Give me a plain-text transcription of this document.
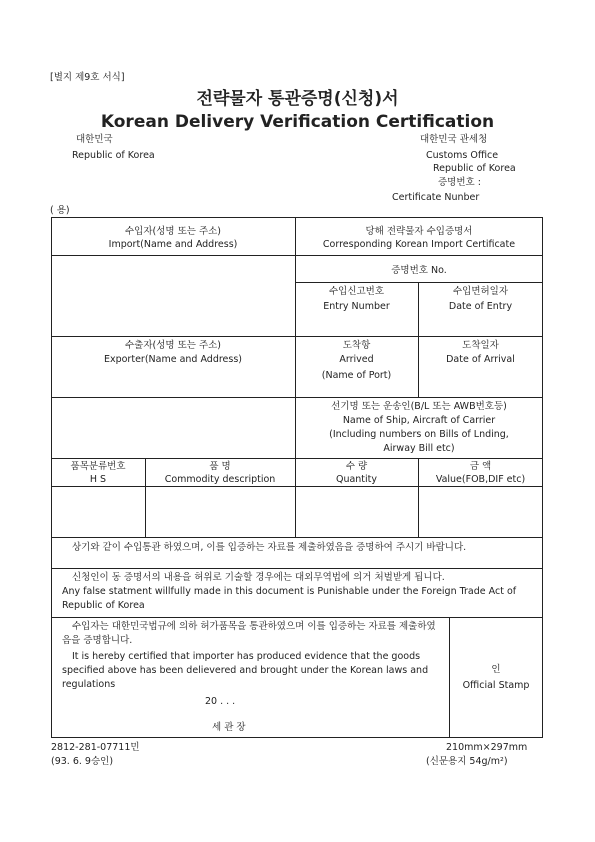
[별지 제9호 서식]
전략물자 통관증명(신청)서
Korean Delivery Verification Certification
대한민국
Republic of Korea
대한민국 관세청
Customs Office
Republic of Korea
증명번호 :
Certificate Nunber
( 용)
수입자(성명 또는 주소)
Import(Name and Address)
당해 전략물자 수입증명서
Corresponding Korean Import Certificate
증명번호 No.
수입신고번호
Entry Number
수입면허일자
Date of Entry
수출자(성명 또는 주소)
Exporter(Name and Address)
도착항
Arrived
(Name of Port)
도착일자
Date of Arrival
선기명 또는 운송인(B/L 또는 AWB번호등)
Name of Ship, Aircraft of Carrier
(Including numbers on Bills of Lnding,
Airway Bill etc)
품목분류번호
H S
품 명
Commodity description
수 량
Quantity
금 액
Value(FOB,DIF etc)
상기와 같이 수입통관 하였으며, 이를 입증하는 자료를 제출하였음을 증명하여 주시기 바랍니다.
신청인이 동 증명서의 내용을 허위로 기술할 경우에는 대외무역법에 의거 처벌받게 됩니다.
Any false statment willfully made in this document is Punishable under the Foreign Trade Act of Republic of Korea
수입자는 대한민국법규에 의하 허가품목을 통관하였으며 이를 입증하는 자료를 제출하였음을 증명합니다.
It is hereby certified that importer has produced evidence that the goods specified above has been delievered and brought under the Korean laws and regulations
20 . . .
세 관 장
인
Official Stamp
2812-281-07711민
(93. 6. 9승인)
210mm×297mm
(신문용지 54g/m²)
